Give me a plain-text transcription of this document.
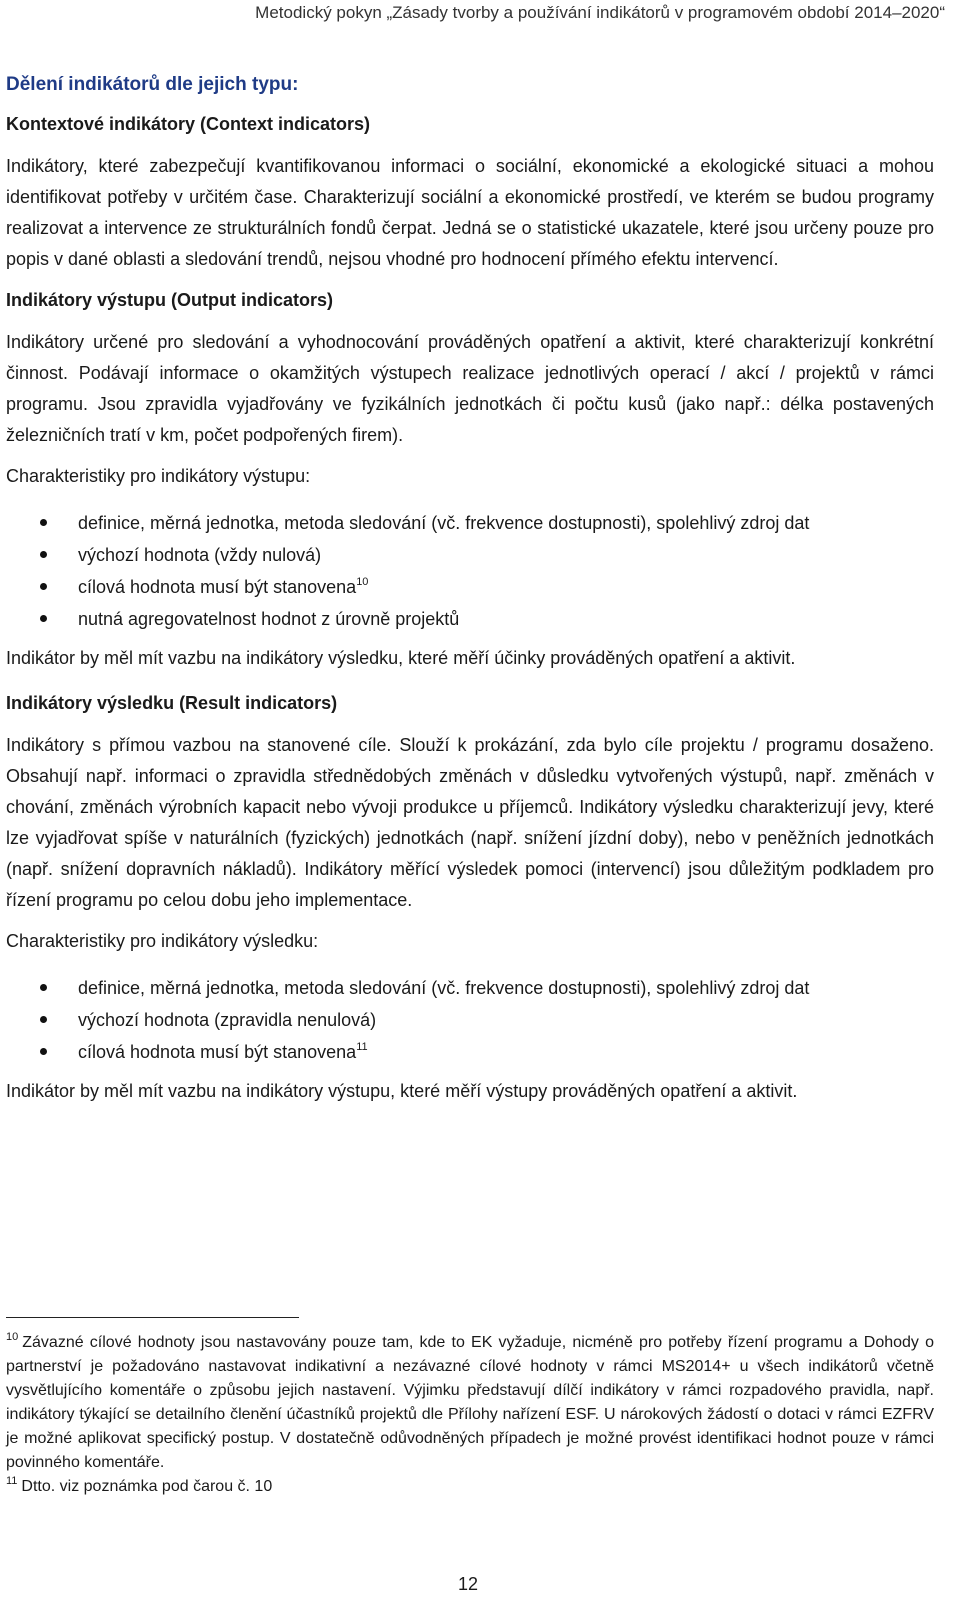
Metodický pokyn „Zásady tvorby a používání indikátorů v programovém období 2014–2020“
Dělení indikátorů dle jejich typu:
Kontextové indikátory (Context indicators)

Indikátory, které zabezpečují kvantifikovanou informaci o sociální, ekonomické a ekologické situaci a mohou identifikovat potřeby v určitém čase. Charakterizují sociální a ekonomické prostředí, ve kterém se budou programy realizovat a intervence ze strukturálních fondů čerpat. Jedná se o statistické ukazatele, které jsou určeny pouze pro popis v dané oblasti a sledování trendů, nejsou vhodné pro hodnocení přímého efektu intervencí.

Indikátory výstupu (Output indicators)

Indikátory určené pro sledování a vyhodnocování prováděných opatření a aktivit, které charakterizují konkrétní činnost. Podávají informace o okamžitých výstupech realizace jednotlivých operací / akcí / projektů v rámci programu. Jsou zpravidla vyjadřovány ve fyzikálních jednotkách či počtu kusů (jako např.: délka postavených železničních tratí v km, počet podpořených firem).

Charakteristiky pro indikátory výstupu:

definice, měrná jednotka, metoda sledování (vč. frekvence dostupnosti), spolehlivý zdroj dat
výchozí hodnota (vždy nulová)
cílová hodnota musí být stanovena$^{10}$
nutná agregovatelnost hodnot z úrovně projektů

Indikátor by měl mít vazbu na indikátory výsledku, které měří účinky prováděných opatření a aktivit.

Indikátory výsledku (Result indicators)

Indikátory s přímou vazbou na stanovené cíle. Slouží k prokázání, zda bylo cíle projektu / programu dosaženo. Obsahují např. informaci o zpravidla střednědobých změnách v důsledku vytvořených výstupů, např. změnách v chování, změnách výrobních kapacit nebo vývoji produkce u příjemců. Indikátory výsledku charakterizují jevy, které lze vyjadřovat spíše v naturálních (fyzických) jednotkách (např. snížení jízdní doby), nebo v peněžních jednotkách (např. snížení dopravních nákladů). Indikátory měřící výsledek pomoci (intervencí) jsou důležitým podkladem pro řízení programu po celou dobu jeho implementace.

Charakteristiky pro indikátory výsledku:

definice, měrná jednotka, metoda sledování (vč. frekvence dostupnosti), spolehlivý zdroj dat
výchozí hodnota (zpravidla nenulová)
cílová hodnota musí být stanovena$^{11}$

Indikátor by měl mít vazbu na indikátory výstupu, které měří výstupy prováděných opatření a aktivit.

$^{10}$ Závazné cílové hodnoty jsou nastavovány pouze tam, kde to EK vyžaduje, nicméně pro potřeby řízení programu a Dohody o partnerství je požadováno nastavovat indikativní a nezávazné cílové hodnoty v rámci MS2014+ u všech indikátorů včetně vysvětlujícího komentáře o způsobu jejich nastavení. Výjimku představují dílčí indikátory v rámci rozpadového pravidla, např. indikátory týkající se detailního členění účastníků projektů dle Přílohy nařízení ESF. U nárokových žádostí o dotaci v rámci EZFRV je možné aplikovat specifický postup. V dostatečně odůvodněných případech je možné provést identifikaci hodnot pouze v rámci povinného komentáře.

$^{11}$ Dtto. viz poznámka pod čarou č. 10

12
